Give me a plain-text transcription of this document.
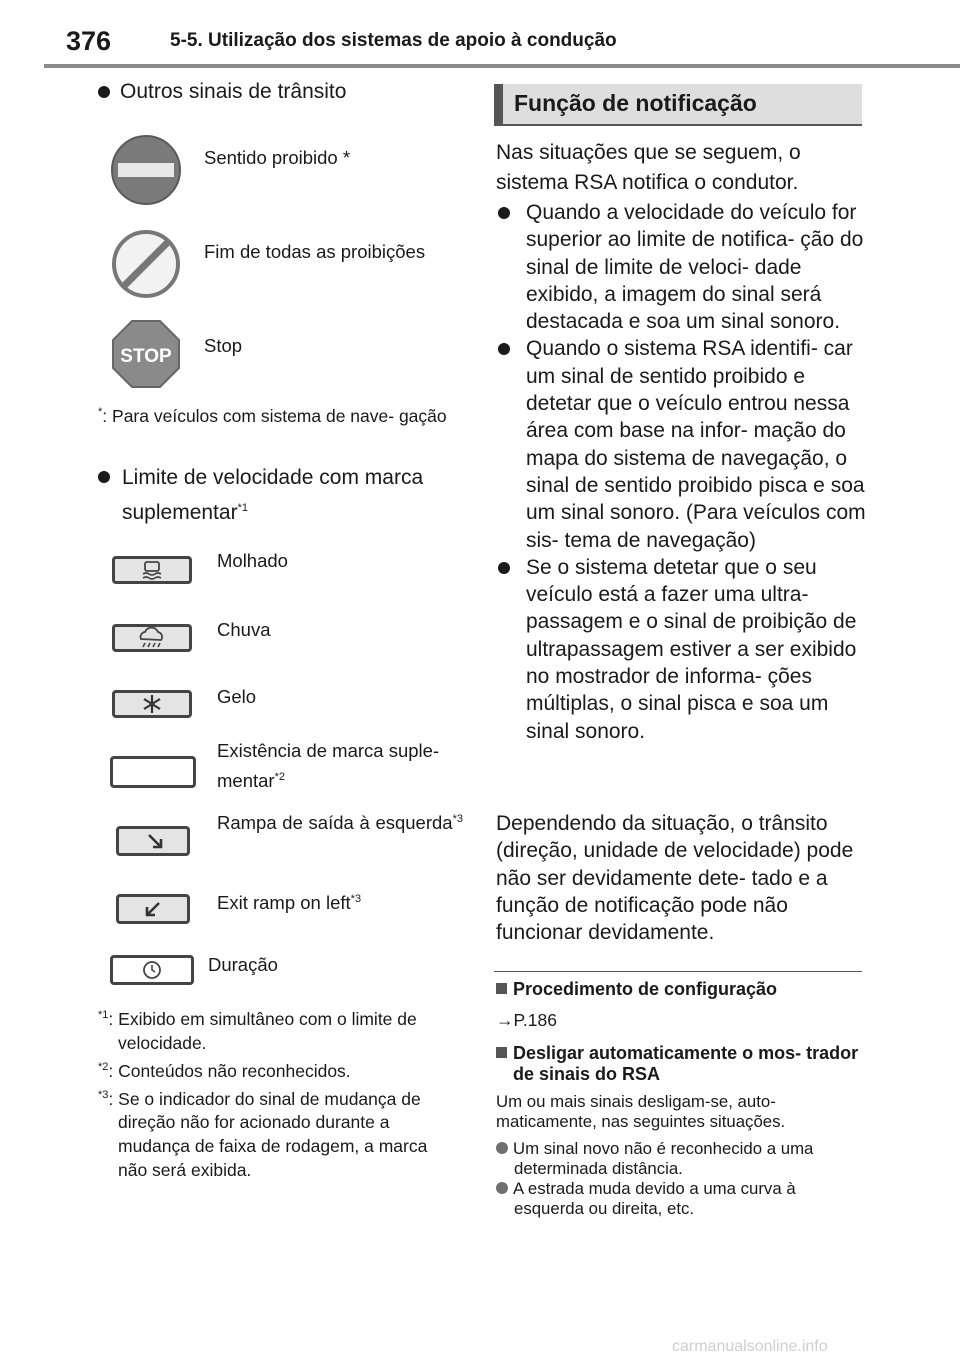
376	5-5. Utilização dos sistemas de apoio à condução
Outros sinais de trânsito
Sentido proibido *
Fim de todas as proibições
STOP
Stop
*: Para veículos com sistema de nave- gação
Limite de velocidade com marca suplementar$^{*1}$
Molhado
Chuva
Gelo
Existência de marca suple- mentar$^{*2}$
Rampa de saída à esquerda$^{*3}$
Exit ramp on left$^{*3}$
Duração
$^{*1}$: Exibido em simultâneo com o limite de velocidade.
$^{*2}$: Conteúdos não reconhecidos.
$^{*3}$: Se o indicador do sinal de mudança de direção não for acionado durante a mudança de faixa de rodagem, a marca não será exibida.
Função de notificação
Nas situações que se seguem, o sistema RSA notifica o condutor.
Quando a velocidade do veículo for superior ao limite de notifica- ção do sinal de limite de veloci- dade exibido, a imagem do sinal será destacada e soa um sinal sonoro.
Quando o sistema RSA identifi- car um sinal de sentido proibido e detetar que o veículo entrou nessa área com base na infor- mação do mapa do sistema de navegação, o sinal de sentido proibido pisca e soa um sinal sonoro. (Para veículos com sis- tema de navegação)
Se o sistema detetar que o seu veículo está a fazer uma ultra- passagem e o sinal de proibição de ultrapassagem estiver a ser exibido no mostrador de informa- ções múltiplas, o sinal pisca e soa um sinal sonoro.
Dependendo da situação, o trânsito (direção, unidade de velocidade) pode não ser devidamente dete- tado e a função de notificação pode não funcionar devidamente.
Procedimento de configuração
→P.186
Desligar automaticamente o mos- trador de sinais do RSA
Um ou mais sinais desligam-se, auto- maticamente, nas seguintes situações.
Um sinal novo não é reconhecido a uma determinada distância.
A estrada muda devido a uma curva à esquerda ou direita, etc.
carmanualsonline.info
